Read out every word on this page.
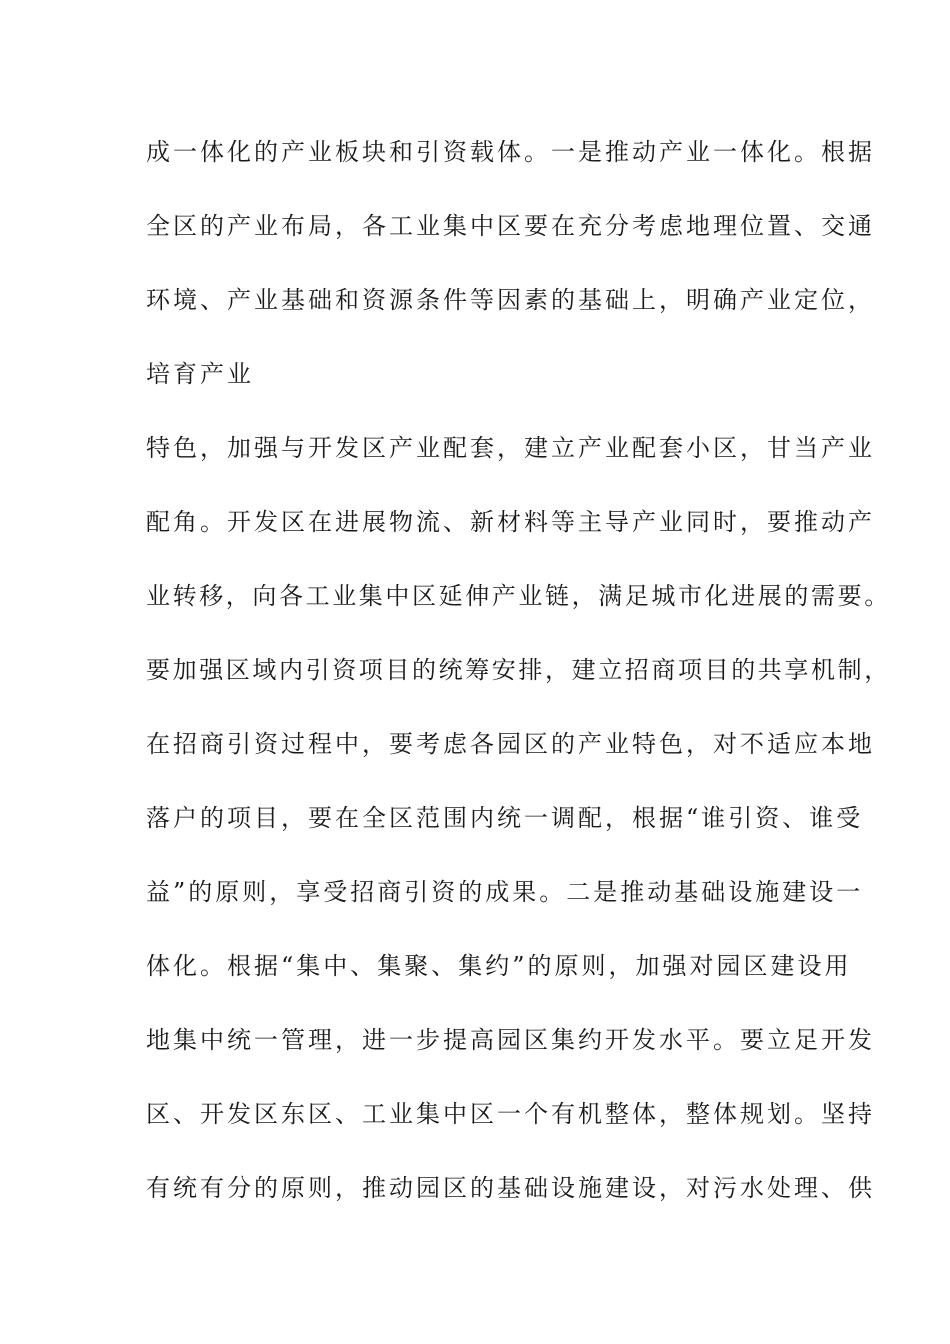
成一体化的产业板块和引资载体。一是推动产业一体化。根据

全区的产业布局，各工业集中区要在充分考虑地理位置、交通

环境、产业基础和资源条件等因素的基础上，明确产业定位，

培育产业

特色，加强与开发区产业配套，建立产业配套小区，甘当产业

配角。开发区在进展物流、新材料等主导产业同时，要推动产

业转移，向各工业集中区延伸产业链，满足城市化进展的需要。

要加强区域内引资项目的统筹安排，建立招商项目的共享机制，

在招商引资过程中，要考虑各园区的产业特色，对不适应本地

落户的项目，要在全区范围内统一调配，根据“谁引资、谁受

益”的原则，享受招商引资的成果。二是推动基础设施建设一

体化。根据“集中、集聚、集约”的原则，加强对园区建设用

地集中统一管理，进一步提高园区集约开发水平。要立足开发

区、开发区东区、工业集中区一个有机整体，整体规划。坚持

有统有分的原则，推动园区的基础设施建设，对污水处理、供
